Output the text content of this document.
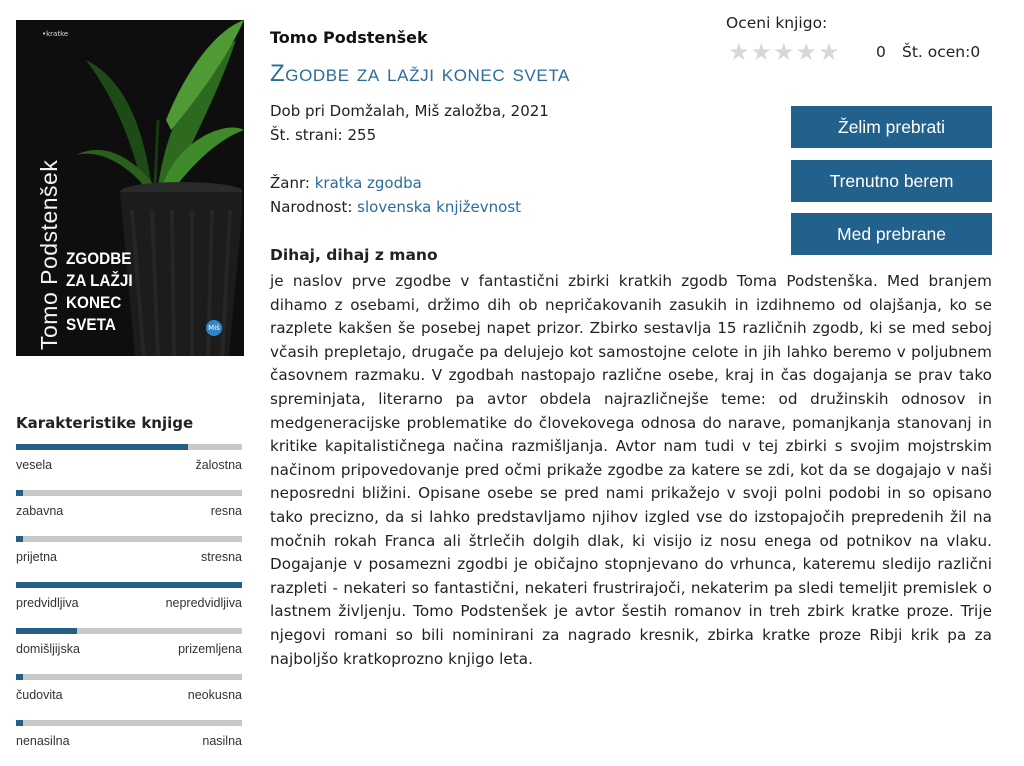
•kratke
Tomo Podstenšek ZGODBE
ZA LAŽJI
KONEC
SVETA	Miš
Karakteristike knjige
vesela	žalostna
zabavna	resna
prijetna	stresna
predvidljiva	nepredvidljiva
domišljijska	prizemljena
čudovita	neokusna
nenasilna	nasilna
Tomo Podstenšek
Zgodbe za lažji konec sveta
Dob pri Domžalah, Miš založba, 2021
Št. strani: 255
Žanr: kratka zgodba
Narodnost: slovenska književnost
Oceni knjigo:
★ ★ ★ ★ ★ 0 Št. ocen:0
Želim prebrati
Trenutno berem
Med prebrane
Dihaj, dihaj z mano

je naslov prve zgodbe v fantastični zbirki kratkih zgodb Toma Podstenška. Med branjem dihamo z osebami, držimo dih ob nepričakovanih zasukih in izdihnemo od olajšanja, ko se razplete kakšen še posebej napet prizor. Zbirko sestavlja 15 različnih zgodb, ki se med seboj včasih prepletajo, drugače pa delujejo kot samostojne celote in jih lahko beremo v poljubnem časovnem razmaku. V zgodbah nastopajo različne osebe, kraj in čas dogajanja se prav tako spreminjata, literarno pa avtor obdela najrazličnejše teme: od družinskih odnosov in medgeneracijske problematike do človekovega odnosa do narave, pomanjkanja stanovanj in kritike kapitalističnega načina razmišljanja. Avtor nam tudi v tej zbirki s svojim mojstrskim načinom pripovedovanje pred očmi prikaže zgodbe za katere se zdi, kot da se dogajajo v naši neposredni bližini. Opisane osebe se pred nami prikažejo v svoji polni podobi in so opisano tako precizno, da si lahko predstavljamo njihov izgled vse do izstopajočih prepredenih žil na močnih rokah Franca ali štrlečih dolgih dlak, ki visijo iz nosu enega od potnikov na vlaku. Dogajanje v posamezni zgodbi je običajno stopnjevano do vrhunca, kateremu sledijo različni razpleti - nekateri so fantastični, nekateri frustrirajoči, nekaterim pa sledi temeljit premislek o lastnem življenju. Tomo Podstenšek je avtor šestih romanov in treh zbirk kratke proze. Trije njegovi romani so bili nominirani za nagrado kresnik, zbirka kratke proze Ribji krik pa za najboljšo kratkoprozno knjigo leta.
